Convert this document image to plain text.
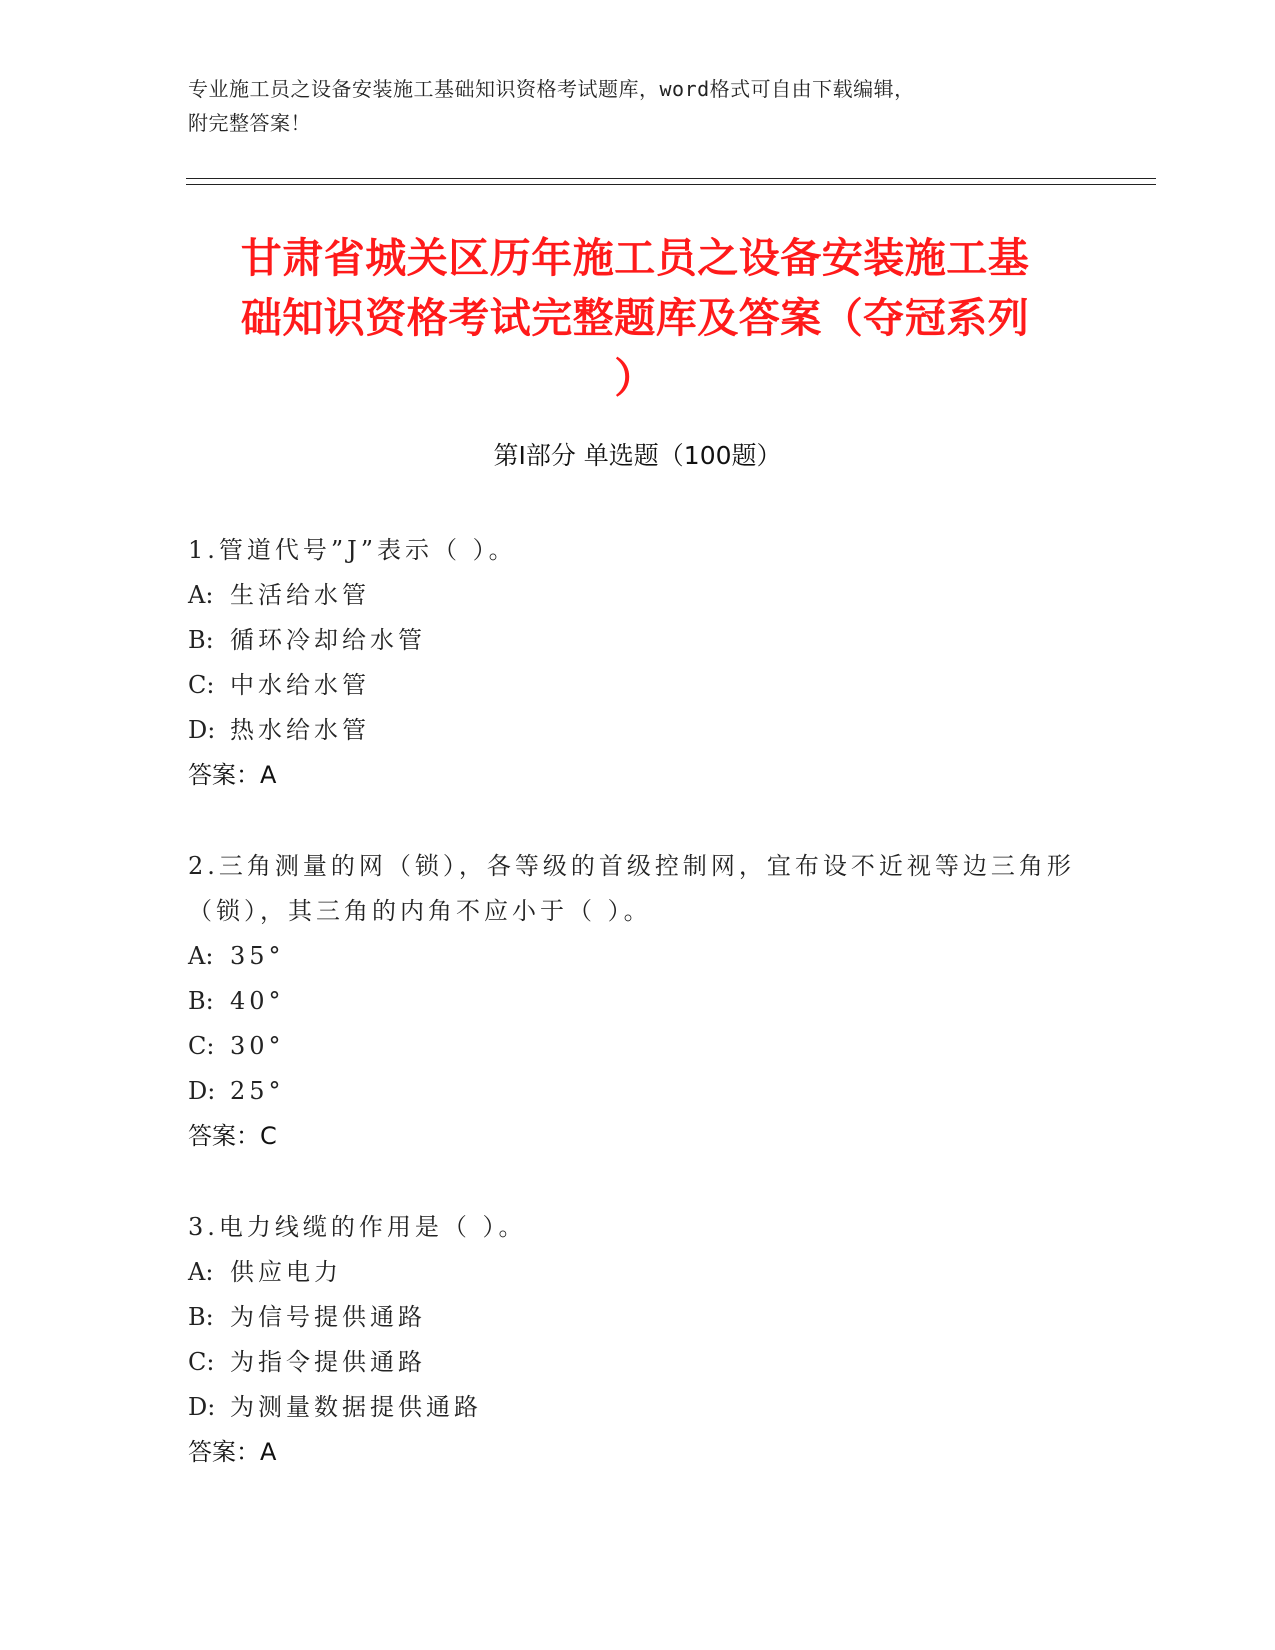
专业施工员之设备安装施工基础知识资格考试题库，word格式可自由下载编辑，
附完整答案！
甘肃省城关区历年施工员之设备安装施工基
础知识资格考试完整题库及答案（夺冠系列
）
第Ⅰ部分 单选题（100题）
1.管道代号”J”表示（ ）。
A: 生活给水管
B: 循环冷却给水管
C: 中水给水管
D: 热水给水管
答案：A
2.三角测量的网（锁），各等级的首级控制网，宜布设不近视等边三角形（锁），其三角的内角不应小于（ ）。
A: 35°
B: 40°
C: 30°
D: 25°
答案：C
3.电力线缆的作用是（ ）。
A: 供应电力
B: 为信号提供通路
C: 为指令提供通路
D: 为测量数据提供通路
答案：A
